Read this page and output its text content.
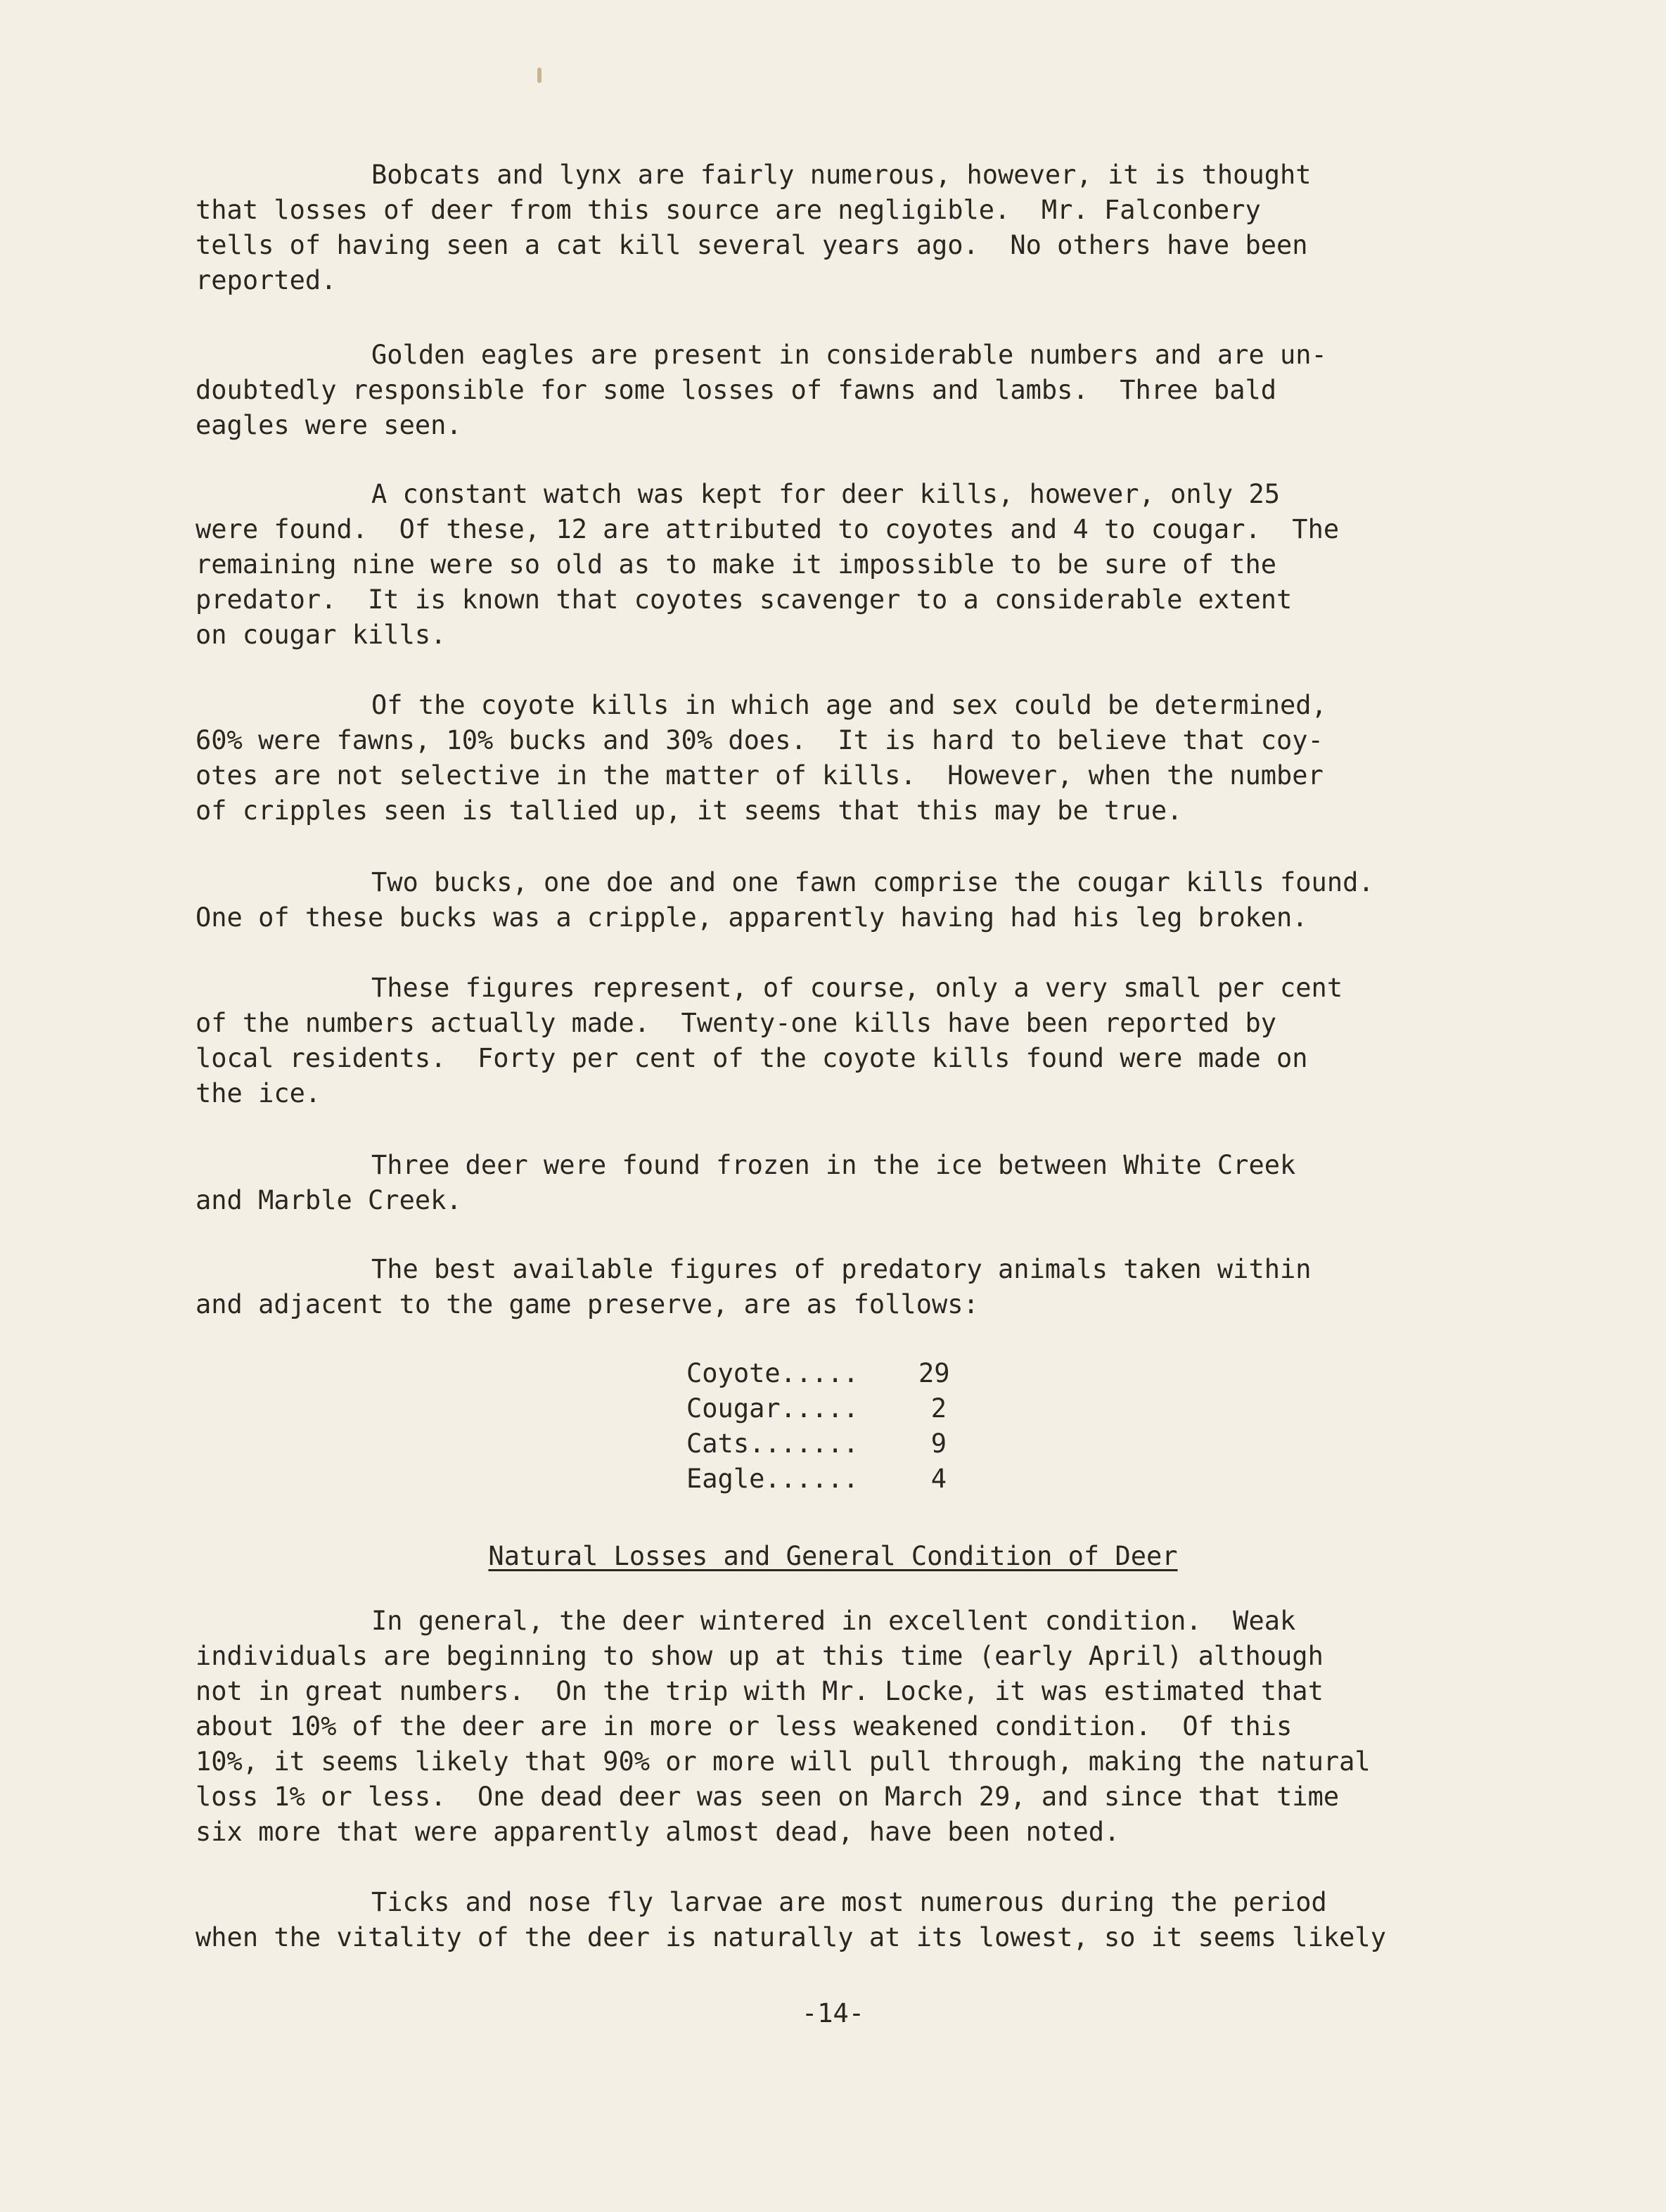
Bobcats and lynx are fairly numerous, however, it is thought
that losses of deer from this source are negligible.  Mr. Falconbery
tells of having seen a cat kill several years ago.  No others have been
reported.

Golden eagles are present in considerable numbers and are un-
doubtedly responsible for some losses of fawns and lambs.  Three bald
eagles were seen.

A constant watch was kept for deer kills, however, only 25
were found.  Of these, 12 are attributed to coyotes and 4 to cougar.  The
remaining nine were so old as to make it impossible to be sure of the
predator.  It is known that coyotes scavenger to a considerable extent
on cougar kills.

Of the coyote kills in which age and sex could be determined,
60% were fawns, 10% bucks and 30% does.  It is hard to believe that coy-
otes are not selective in the matter of kills.  However, when the number
of cripples seen is tallied up, it seems that this may be true.

Two bucks, one doe and one fawn comprise the cougar kills found.
One of these bucks was a cripple, apparently having had his leg broken.

These figures represent, of course, only a very small per cent
of the numbers actually made.  Twenty-one kills have been reported by
local residents.  Forty per cent of the coyote kills found were made on
the ice.

Three deer were found frozen in the ice between White Creek
and Marble Creek.

The best available figures of predatory animals taken within
and adjacent to the game preserve, are as follows:

Coyote.....	29
Cougar.....	2
Cats.......	9
Eagle......	4
Natural Losses and General Condition of Deer

In general, the deer wintered in excellent condition.  Weak
individuals are beginning to show up at this time (early April) although
not in great numbers.  On the trip with Mr. Locke, it was estimated that
about 10% of the deer are in more or less weakened condition.  Of this
10%, it seems likely that 90% or more will pull through, making the natural
loss 1% or less.  One dead deer was seen on March 29, and since that time
six more that were apparently almost dead, have been noted.

Ticks and nose fly larvae are most numerous during the period
when the vitality of the deer is naturally at its lowest, so it seems likely

-14-
